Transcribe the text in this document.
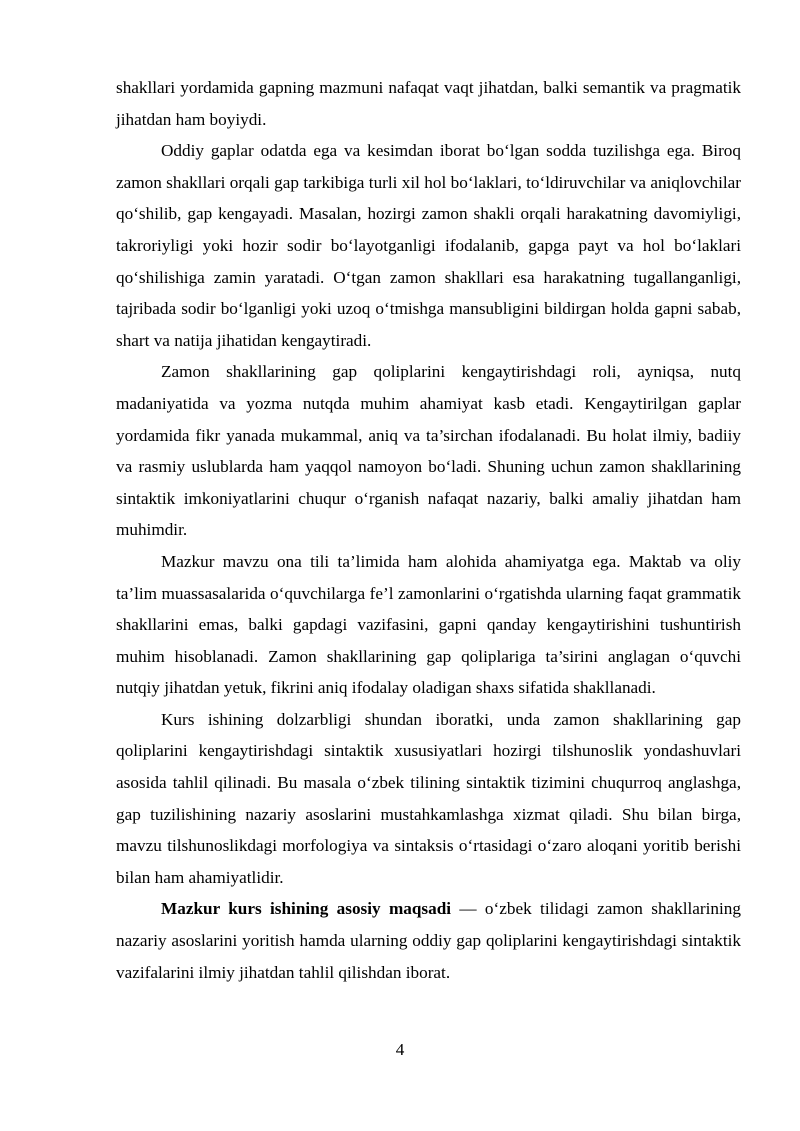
shakllari yordamida gapning mazmuni nafaqat vaqt jihatdan, balki semantik va pragmatik jihatdan ham boyiydi.

Oddiy gaplar odatda ega va kesimdan iborat bo‘lgan sodda tuzilishga ega. Biroq zamon shakllari orqali gap tarkibiga turli xil hol bo‘laklari, to‘ldiruvchilar va aniqlovchilar qo‘shilib, gap kengayadi. Masalan, hozirgi zamon shakli orqali harakatning davomiyligi, takroriyligi yoki hozir sodir bo‘layotganligi ifodalanib, gapga payt va hol bo‘laklari qo‘shilishiga zamin yaratadi. O‘tgan zamon shakllari esa harakatning tugallanganligi, tajribada sodir bo‘lganligi yoki uzoq o‘tmishga mansubligini bildirgan holda gapni sabab, shart va natija jihatidan kengaytiradi.

Zamon shakllarining gap qoliplarini kengaytirishdagi roli, ayniqsa, nutq madaniyatida va yozma nutqda muhim ahamiyat kasb etadi. Kengaytirilgan gaplar yordamida fikr yanada mukammal, aniq va ta’sirchan ifodalanadi. Bu holat ilmiy, badiiy va rasmiy uslublarda ham yaqqol namoyon bo‘ladi. Shuning uchun zamon shakllarining sintaktik imkoniyatlarini chuqur o‘rganish nafaqat nazariy, balki amaliy jihatdan ham muhimdir.

Mazkur mavzu ona tili ta’limida ham alohida ahamiyatga ega. Maktab va oliy ta’lim muassasalarida o‘quvchilarga fe’l zamonlarini o‘rgatishda ularning faqat grammatik shakllarini emas, balki gapdagi vazifasini, gapni qanday kengaytirishini tushuntirish muhim hisoblanadi. Zamon shakllarining gap qoliplariga ta’sirini anglagan o‘quvchi nutqiy jihatdan yetuk, fikrini aniq ifodalay oladigan shaxs sifatida shakllanadi.

Kurs ishining dolzarbligi shundan iboratki, unda zamon shakllarining gap qoliplarini kengaytirishdagi sintaktik xususiyatlari hozirgi tilshunoslik yondashuvlari asosida tahlil qilinadi. Bu masala o‘zbek tilining sintaktik tizimini chuqurroq anglashga, gap tuzilishining nazariy asoslarini mustahkamlashga xizmat qiladi. Shu bilan birga, mavzu tilshunoslikdagi morfologiya va sintaksis o‘rtasidagi o‘zaro aloqani yoritib berishi bilan ham ahamiyatlidir.

Mazkur kurs ishining asosiy maqsadi — o‘zbek tilidagi zamon shakllarining nazariy asoslarini yoritish hamda ularning oddiy gap qoliplarini kengaytirishdagi sintaktik vazifalarini ilmiy jihatdan tahlil qilishdan iborat.

4
